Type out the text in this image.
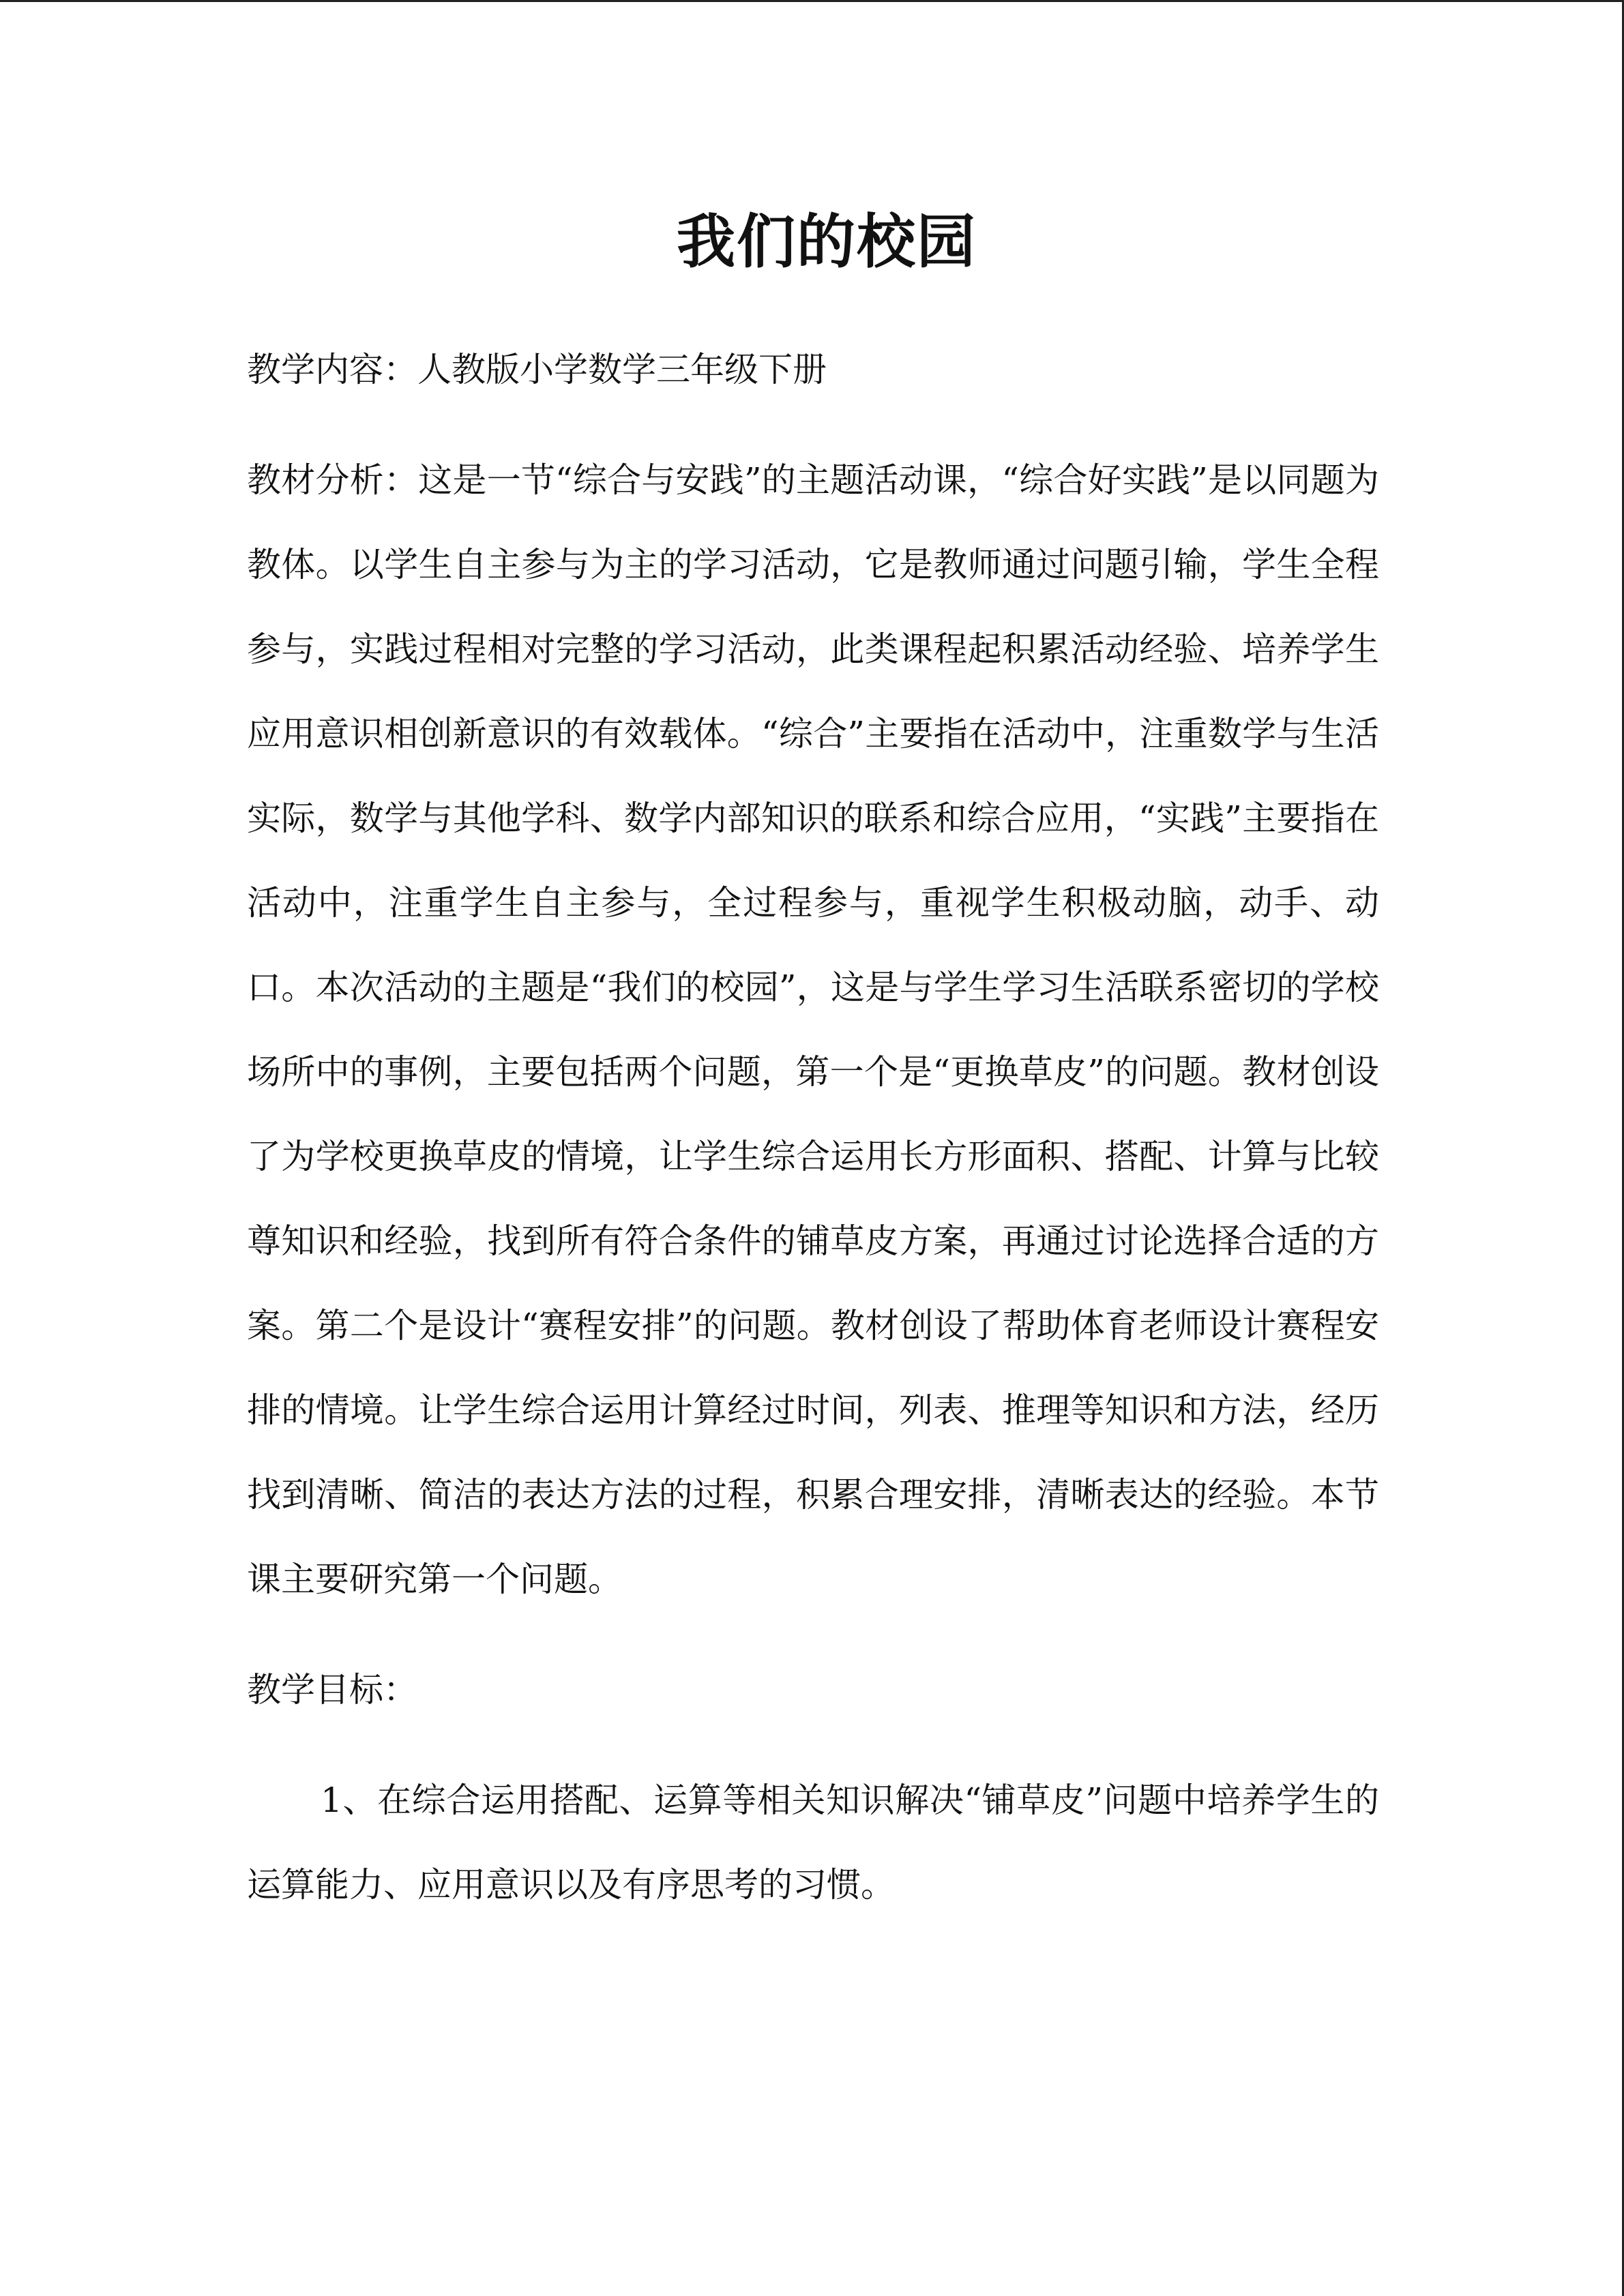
我们的校园

教学内容：人教版小学数学三年级下册

教材分析：这是一节“综合与安践”的主题活动课，“综合好实践”是以同题为教体。以学生自主参与为主的学习活动，它是教师通过问题引输，学生全程参与，实践过程相对完整的学习活动，此类课程起积累活动经验、培养学生应用意识相创新意识的有效载体。“综合”主要指在活动中，注重数学与生活实际，数学与其他学科、数学内部知识的联系和综合应用，“实践”主要指在活动中，注重学生自主参与，全过程参与，重视学生积极动脑，动手、动口。本次活动的主题是“我们的校园”，这是与学生学习生活联系密切的学校场所中的事例，主要包括两个问题，第一个是“更换草皮”的问题。教材创设了为学校更换草皮的情境，让学生综合运用长方形面积、搭配、计算与比较尊知识和经验，找到所有符合条件的铺草皮方案，再通过讨论选择合适的方案。第二个是设计“赛程安排”的问题。教材创设了帮助体育老师设计赛程安排的情境。让学生综合运用计算经过时间，列表、推理等知识和方法，经历找到清晰、简洁的表达方法的过程，积累合理安排，清晰表达的经验。本节课主要研究第一个问题。

教学目标：

1、在综合运用搭配、运算等相关知识解决“铺草皮”问题中培养学生的运算能力、应用意识以及有序思考的习惯。
